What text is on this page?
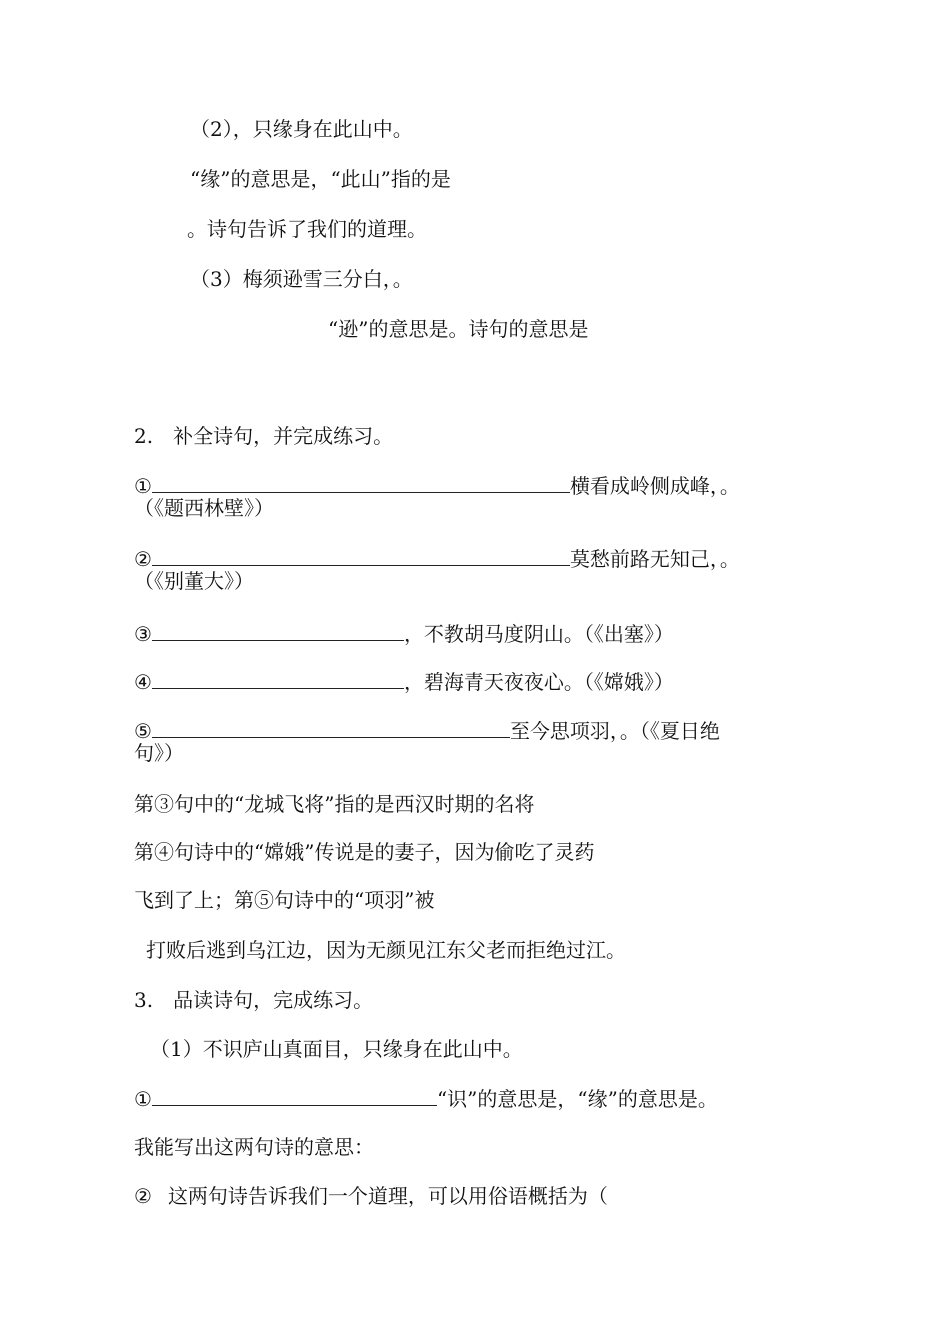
（2），只缘身在此山中。
“缘”的意思是，“此山”指的是
。诗句告诉了我们的道理。
（3）梅须逊雪三分白，。
“逊”的意思是。诗句的意思是
2.　补全诗句，并完成练习。
①	横看成岭侧成峰，。
（《题西林壁》）
②	莫愁前路无知己，。
（《别董大》）
③	，不教胡马度阴山。（《出塞》）
④	，碧海青天夜夜心。（《嫦娥》）
⑤	至今思项羽，。（《夏日绝
句》）
第③句中的“龙城飞将”指的是西汉时期的名将
第④句诗中的“嫦娥”传说是的妻子，因为偷吃了灵药
飞到了上；第⑤句诗中的“项羽”被
打败后逃到乌江边，因为无颜见江东父老而拒绝过江。
3.　品读诗句，完成练习。
（1）不识庐山真面目，只缘身在此山中。
①	“识”的意思是，“缘”的意思是。
我能写出这两句诗的意思：
② 这两句诗告诉我们一个道理，可以用俗语概括为（
